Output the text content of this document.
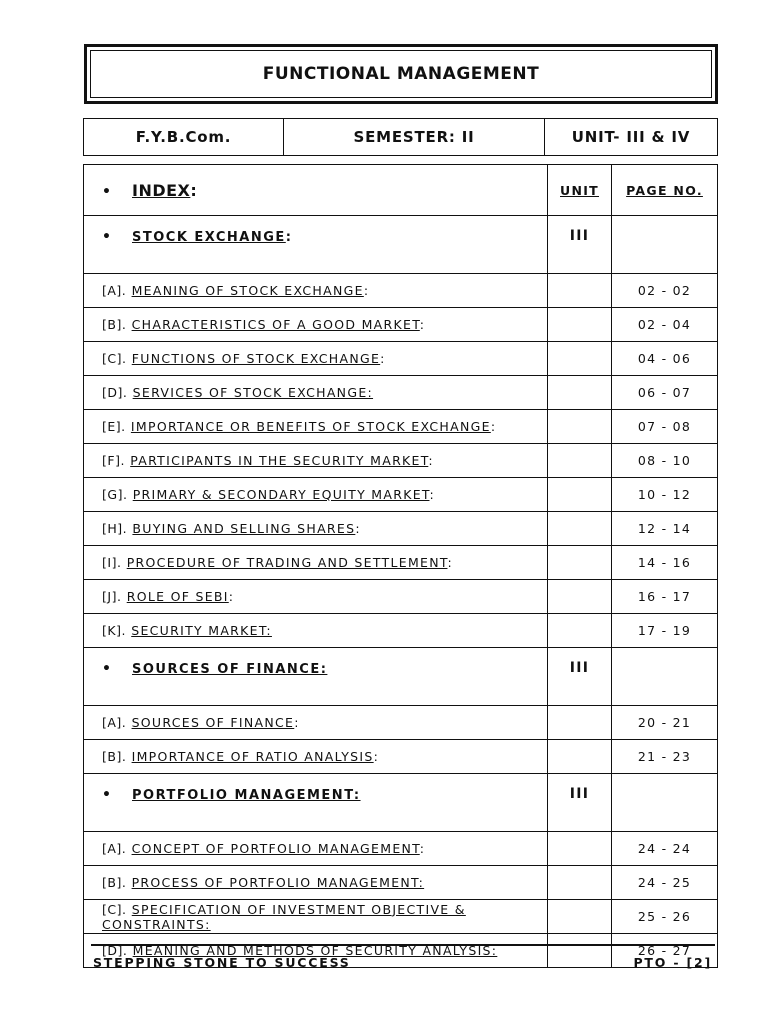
FUNCTIONAL MANAGEMENT
F.Y.B.Com.	SEMESTER: II	UNIT- III & IV
• INDEX:	UNIT	PAGE NO.
• STOCK EXCHANGE:	III	
[A]. MEANING OF STOCK EXCHANGE:		02 - 02
[B]. CHARACTERISTICS OF A GOOD MARKET:		02 - 04
[C]. FUNCTIONS OF STOCK EXCHANGE:		04 - 06
[D]. SERVICES OF STOCK EXCHANGE:		06 - 07
[E]. IMPORTANCE OR BENEFITS OF STOCK EXCHANGE:		07 - 08
[F]. PARTICIPANTS IN THE SECURITY MARKET:		08 - 10
[G]. PRIMARY & SECONDARY EQUITY MARKET:		10 - 12
[H]. BUYING AND SELLING SHARES:		12 - 14
[I]. PROCEDURE OF TRADING AND SETTLEMENT:		14 - 16
[J]. ROLE OF SEBI:		16 - 17
[K]. SECURITY MARKET:		17 - 19
• SOURCES OF FINANCE:	III	
[A]. SOURCES OF FINANCE:		20 - 21
[B]. IMPORTANCE OF RATIO ANALYSIS:		21 - 23
• PORTFOLIO MANAGEMENT:	III	
[A]. CONCEPT OF PORTFOLIO MANAGEMENT:		24 - 24
[B]. PROCESS OF PORTFOLIO MANAGEMENT:		24 - 25
[C]. SPECIFICATION OF INVESTMENT OBJECTIVE & CONSTRAINTS:		25 - 26
[D]. MEANING AND METHODS OF SECURITY ANALYSIS:		26 - 27
STEPPING STONE TO SUCCESS	PTO - [2]
